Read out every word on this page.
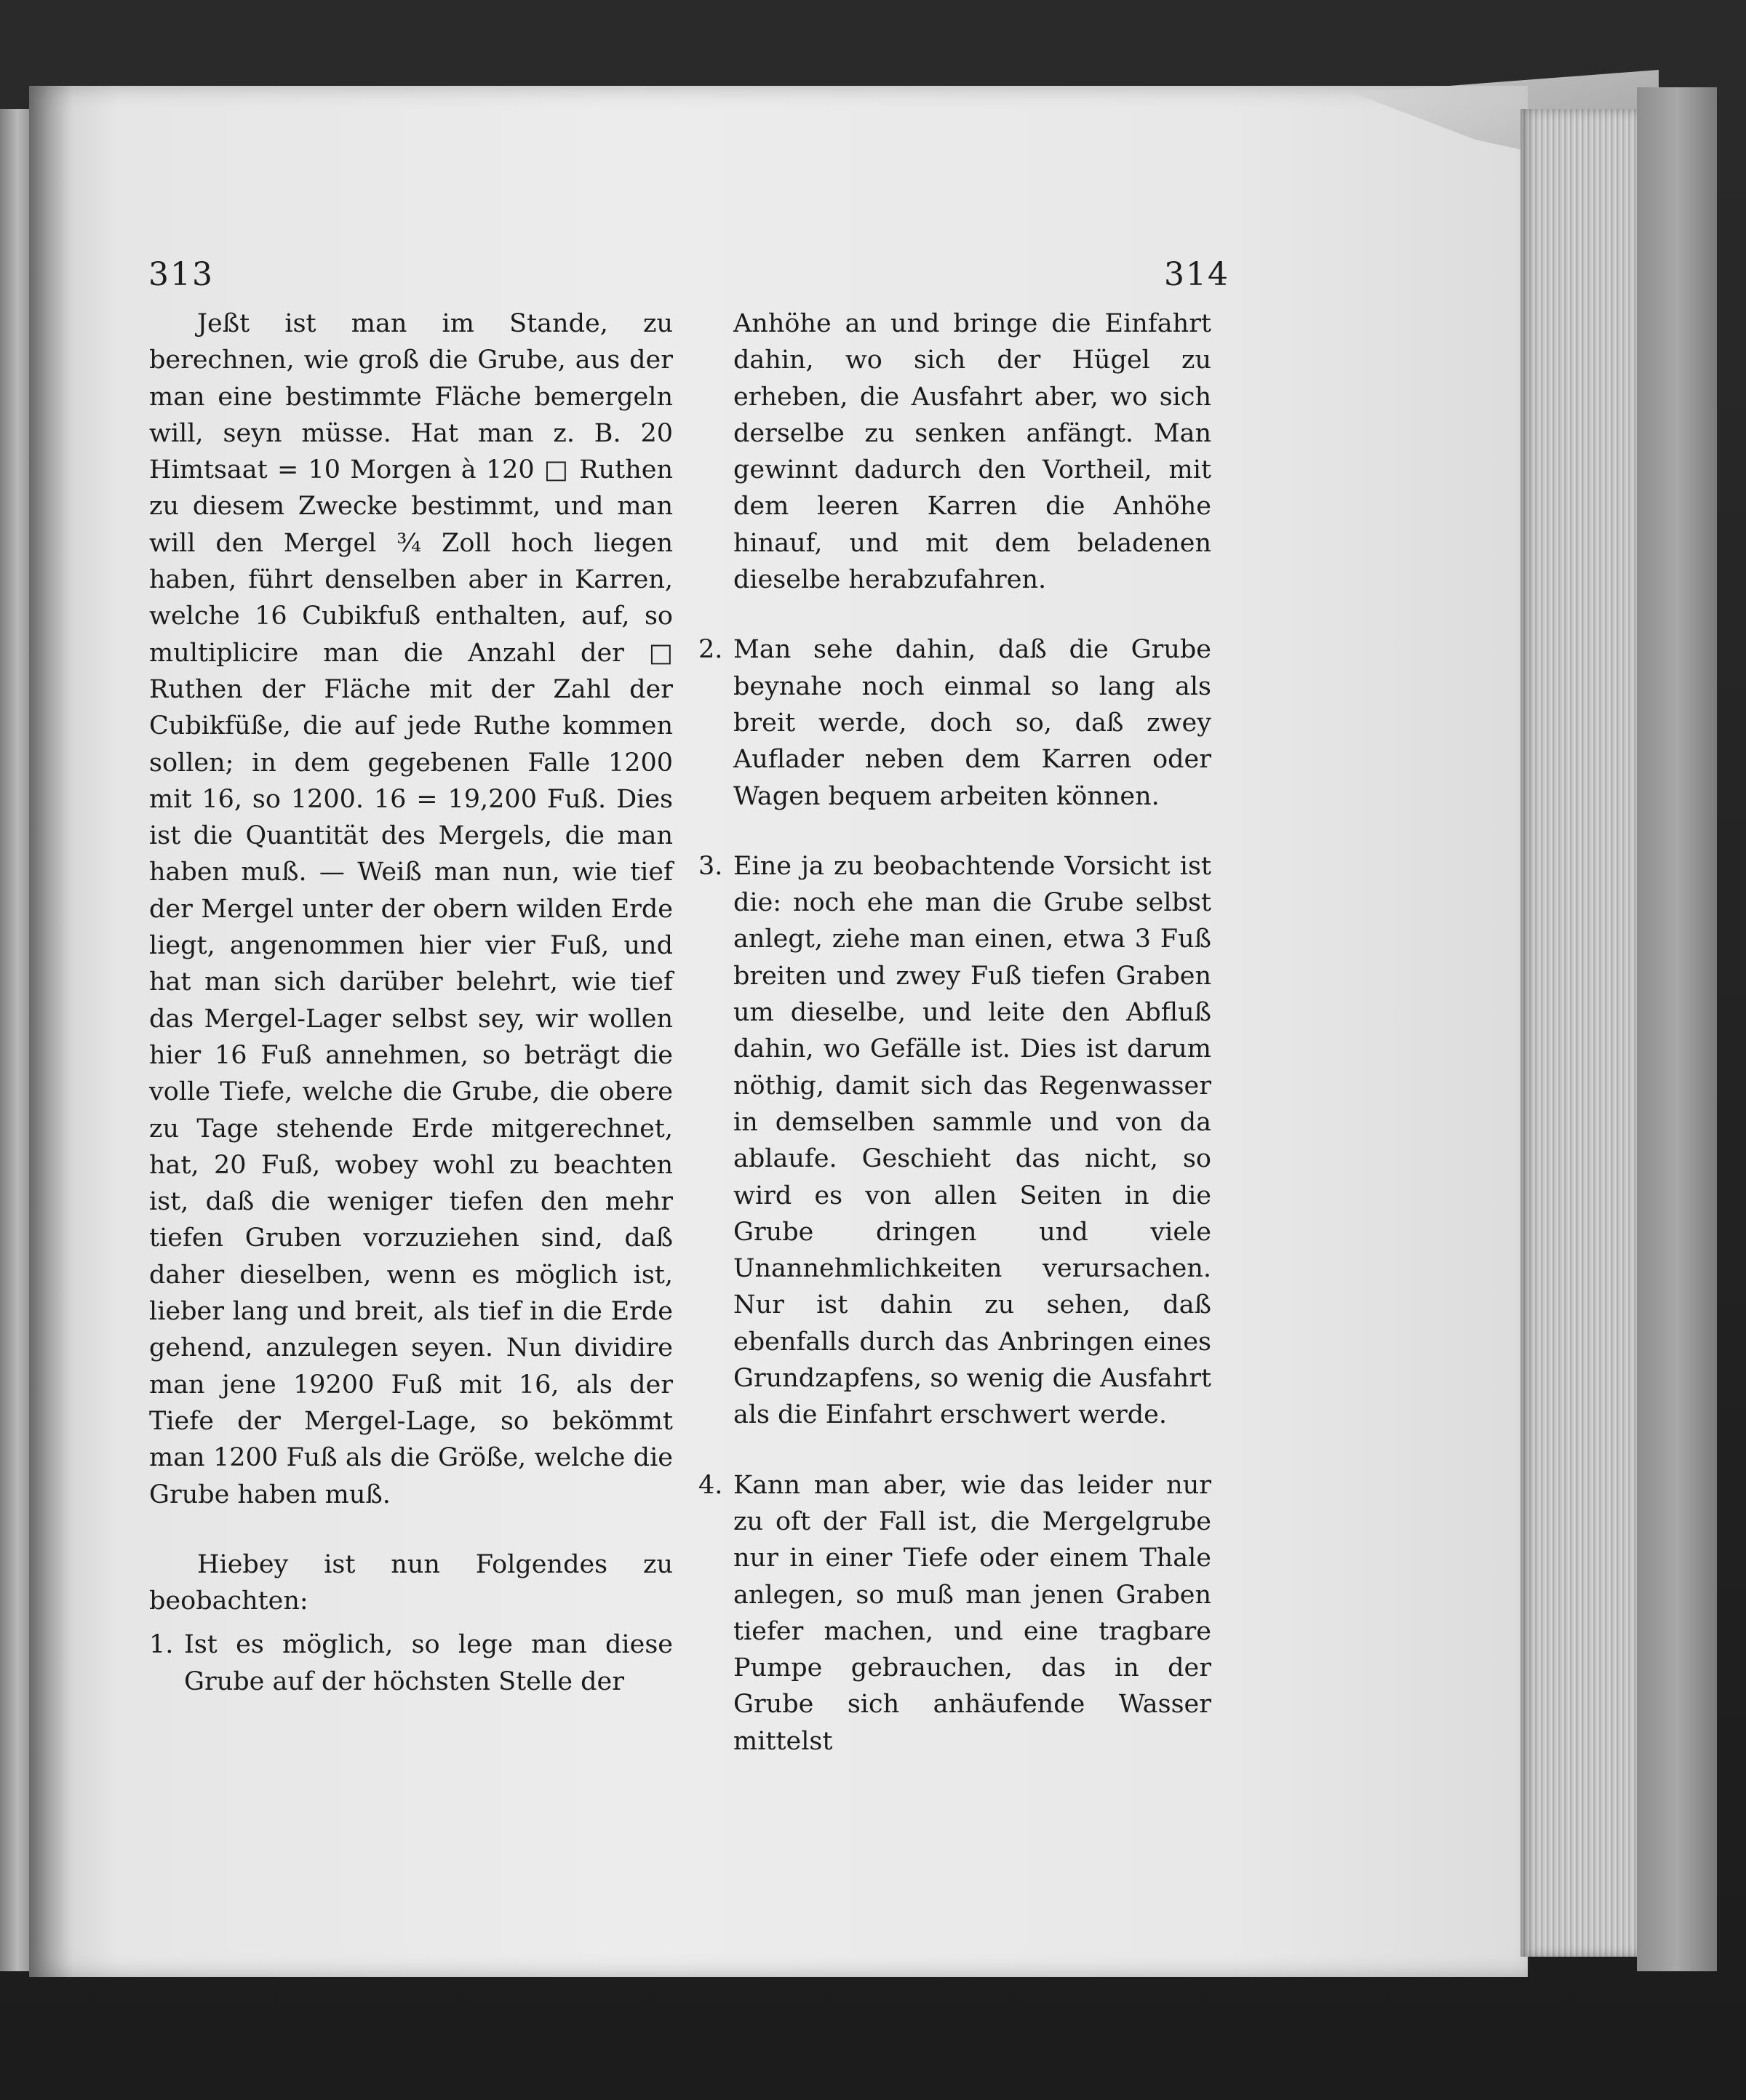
313	314

Jeßt ist man im Stande, zu berechnen, wie groß die Grube, aus der man eine bestimmte Fläche bemergeln will, seyn müsse. Hat man z. B. 20 Himtsaat = 10 Morgen à 120 □ Ruthen zu diesem Zwecke bestimmt, und man will den Mergel ¾ Zoll hoch liegen haben, führt denselben aber in Karren, welche 16 Cubikfuß enthalten, auf, so multiplicire man die Anzahl der □ Ruthen der Fläche mit der Zahl der Cubikfüße, die auf jede Ruthe kommen sollen; in dem gegebenen Falle 1200 mit 16, so 1200. 16 = 19,200 Fuß. Dies ist die Quantität des Mergels, die man haben muß. — Weiß man nun, wie tief der Mergel unter der obern wilden Erde liegt, angenommen hier vier Fuß, und hat man sich darüber belehrt, wie tief das Mergel-Lager selbst sey, wir wollen hier 16 Fuß annehmen, so beträgt die volle Tiefe, welche die Grube, die obere zu Tage stehende Erde mitgerechnet, hat, 20 Fuß, wobey wohl zu beachten ist, daß die weniger tiefen den mehr tiefen Gruben vorzuziehen sind, daß daher dieselben, wenn es möglich ist, lieber lang und breit, als tief in die Erde gehend, anzulegen seyen. Nun dividire man jene 19200 Fuß mit 16, als der Tiefe der Mergel-Lage, so bekömmt man 1200 Fuß als die Größe, welche die Grube haben muß.

Hiebey ist nun Folgendes zu beobachten:

1. Ist es möglich, so lege man diese Grube auf der höchsten Stelle der

Anhöhe an und bringe die Einfahrt dahin, wo sich der Hügel zu erheben, die Ausfahrt aber, wo sich derselbe zu senken anfängt. Man gewinnt dadurch den Vortheil, mit dem leeren Karren die Anhöhe hinauf, und mit dem beladenen dieselbe herabzufahren.

2. Man sehe dahin, daß die Grube beynahe noch einmal so lang als breit werde, doch so, daß zwey Auflader neben dem Karren oder Wagen bequem arbeiten können.

3. Eine ja zu beobachtende Vorsicht ist die: noch ehe man die Grube selbst anlegt, ziehe man einen, etwa 3 Fuß breiten und zwey Fuß tiefen Graben um dieselbe, und leite den Abfluß dahin, wo Gefälle ist. Dies ist darum nöthig, damit sich das Regenwasser in demselben sammle und von da ablaufe. Geschieht das nicht, so wird es von allen Seiten in die Grube dringen und viele Unannehmlichkeiten verursachen. Nur ist dahin zu sehen, daß ebenfalls durch das Anbringen eines Grundzapfens, so wenig die Ausfahrt als die Einfahrt erschwert werde.

4. Kann man aber, wie das leider nur zu oft der Fall ist, die Mergelgrube nur in einer Tiefe oder einem Thale anlegen, so muß man jenen Graben tiefer machen, und eine tragbare Pumpe gebrauchen, das in der Grube sich anhäufende Wasser mittelst
